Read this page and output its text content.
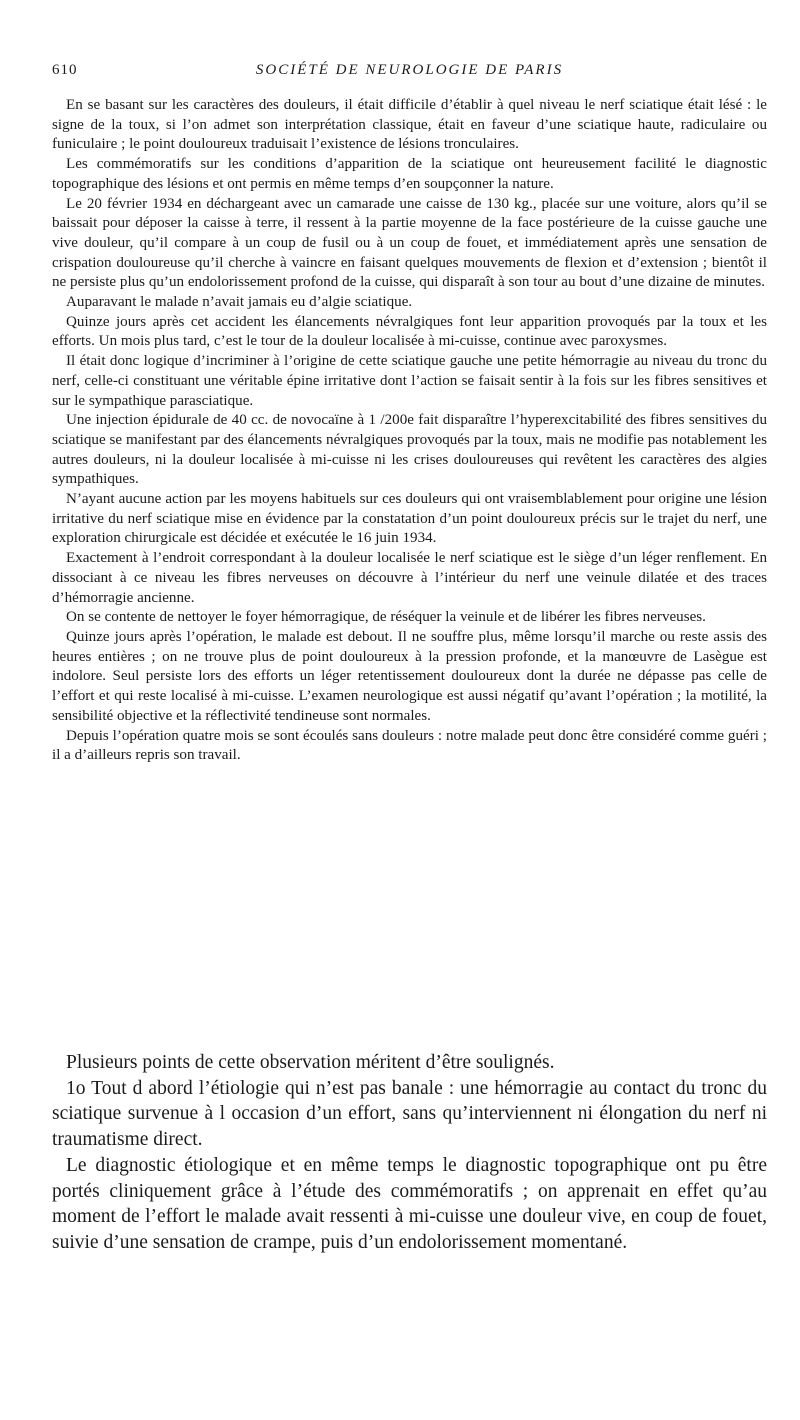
610	SOCIÉTÉ DE NEUROLOGIE DE PARIS

En se basant sur les caractères des douleurs, il était difficile d’établir à quel niveau le nerf sciatique était lésé : le signe de la toux, si l’on admet son interprétation classique, était en faveur d’une sciatique haute, radiculaire ou funiculaire ; le point douloureux traduisait l’existence de lésions tronculaires.

Les commémoratifs sur les conditions d’apparition de la sciatique ont heureusement facilité le diagnostic topographique des lésions et ont permis en même temps d’en soupçonner la nature.

Le 20 février 1934 en déchargeant avec un camarade une caisse de 130 kg., placée sur une voiture, alors qu’il se baissait pour déposer la caisse à terre, il ressent à la partie moyenne de la face postérieure de la cuisse gauche une vive douleur, qu’il compare à un coup de fusil ou à un coup de fouet, et immédiatement après une sensation de crispation douloureuse qu’il cherche à vaincre en faisant quelques mouvements de flexion et d’extension ; bientôt il ne persiste plus qu’un endolorissement profond de la cuisse, qui disparaît à son tour au bout d’une dizaine de minutes.

Auparavant le malade n’avait jamais eu d’algie sciatique.

Quinze jours après cet accident les élancements névralgiques font leur apparition provoqués par la toux et les efforts. Un mois plus tard, c’est le tour de la douleur localisée à mi-cuisse, continue avec paroxysmes.

Il était donc logique d’incriminer à l’origine de cette sciatique gauche une petite hémorragie au niveau du tronc du nerf, celle-ci constituant une véritable épine irritative dont l’action se faisait sentir à la fois sur les fibres sensitives et sur le sympathique parasciatique.

Une injection épidurale de 40 cc. de novocaïne à 1 /200e fait disparaître l’hyperexcitabilité des fibres sensitives du sciatique se manifestant par des élancements névralgiques provoqués par la toux, mais ne modifie pas notablement les autres douleurs, ni la douleur localisée à mi-cuisse ni les crises douloureuses qui revêtent les caractères des algies sympathiques.

N’ayant aucune action par les moyens habituels sur ces douleurs qui ont vraisemblablement pour origine une lésion irritative du nerf sciatique mise en évidence par la constatation d’un point douloureux précis sur le trajet du nerf, une exploration chirurgicale est décidée et exécutée le 16 juin 1934.

Exactement à l’endroit correspondant à la douleur localisée le nerf sciatique est le siège d’un léger renflement. En dissociant à ce niveau les fibres nerveuses on découvre à l’intérieur du nerf une veinule dilatée et des traces d’hémorragie ancienne.

On se contente de nettoyer le foyer hémorragique, de réséquer la veinule et de libérer les fibres nerveuses.

Quinze jours après l’opération, le malade est debout. Il ne souffre plus, même lorsqu’il marche ou reste assis des heures entières ; on ne trouve plus de point douloureux à la pression profonde, et la manœuvre de Lasègue est indolore. Seul persiste lors des efforts un léger retentissement douloureux dont la durée ne dépasse pas celle de l’effort et qui reste localisé à mi-cuisse. L’examen neurologique est aussi négatif qu’avant l’opération ; la motilité, la sensibilité objective et la réflectivité tendineuse sont normales.

Depuis l’opération quatre mois se sont écoulés sans douleurs : notre malade peut donc être considéré comme guéri ; il a d’ailleurs repris son travail.

Plusieurs points de cette observation méritent d’être soulignés.

1o Tout d abord l’étiologie qui n’est pas banale : une hémorragie au contact du tronc du sciatique survenue à l occasion d’un effort, sans qu’interviennent ni élongation du nerf ni traumatisme direct.

Le diagnostic étiologique et en même temps le diagnostic topographique ont pu être portés cliniquement grâce à l’étude des commémoratifs ; on apprenait en effet qu’au moment de l’effort le malade avait ressenti à mi-cuisse une douleur vive, en coup de fouet, suivie d’une sensation de crampe, puis d’un endolorissement momentané.
